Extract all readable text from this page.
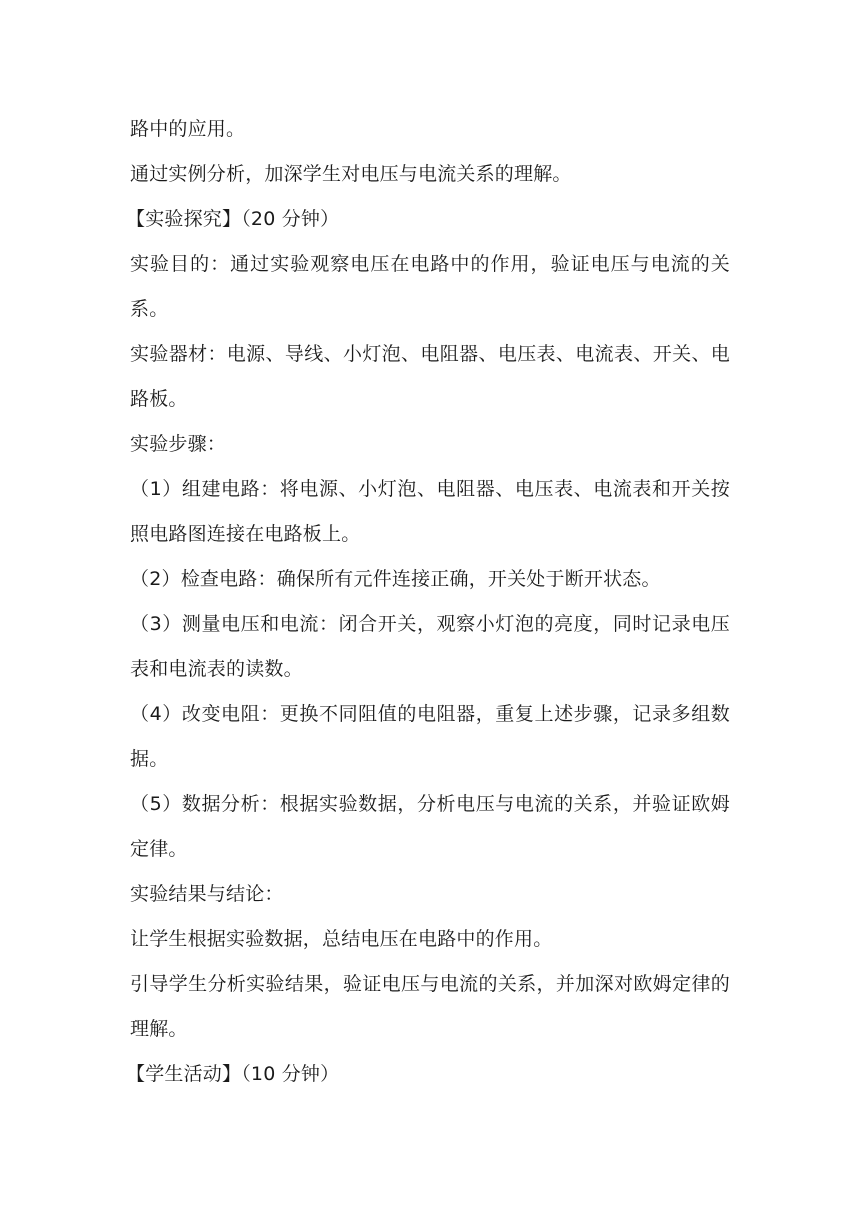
路中的应用。

通过实例分析，加深学生对电压与电流关系的理解。

【实验探究】（20 分钟）

实验目的：通过实验观察电压在电路中的作用，验证电压与电流的关系。

实验器材：电源、导线、小灯泡、电阻器、电压表、电流表、开关、电路板。

实验步骤：

（1）组建电路：将电源、小灯泡、电阻器、电压表、电流表和开关按照电路图连接在电路板上。

（2）检查电路：确保所有元件连接正确，开关处于断开状态。

（3）测量电压和电流：闭合开关，观察小灯泡的亮度，同时记录电压表和电流表的读数。

（4）改变电阻：更换不同阻值的电阻器，重复上述步骤，记录多组数据。

（5）数据分析：根据实验数据，分析电压与电流的关系，并验证欧姆定律。

实验结果与结论：

让学生根据实验数据，总结电压在电路中的作用。

引导学生分析实验结果，验证电压与电流的关系，并加深对欧姆定律的理解。

【学生活动】（10 分钟）
